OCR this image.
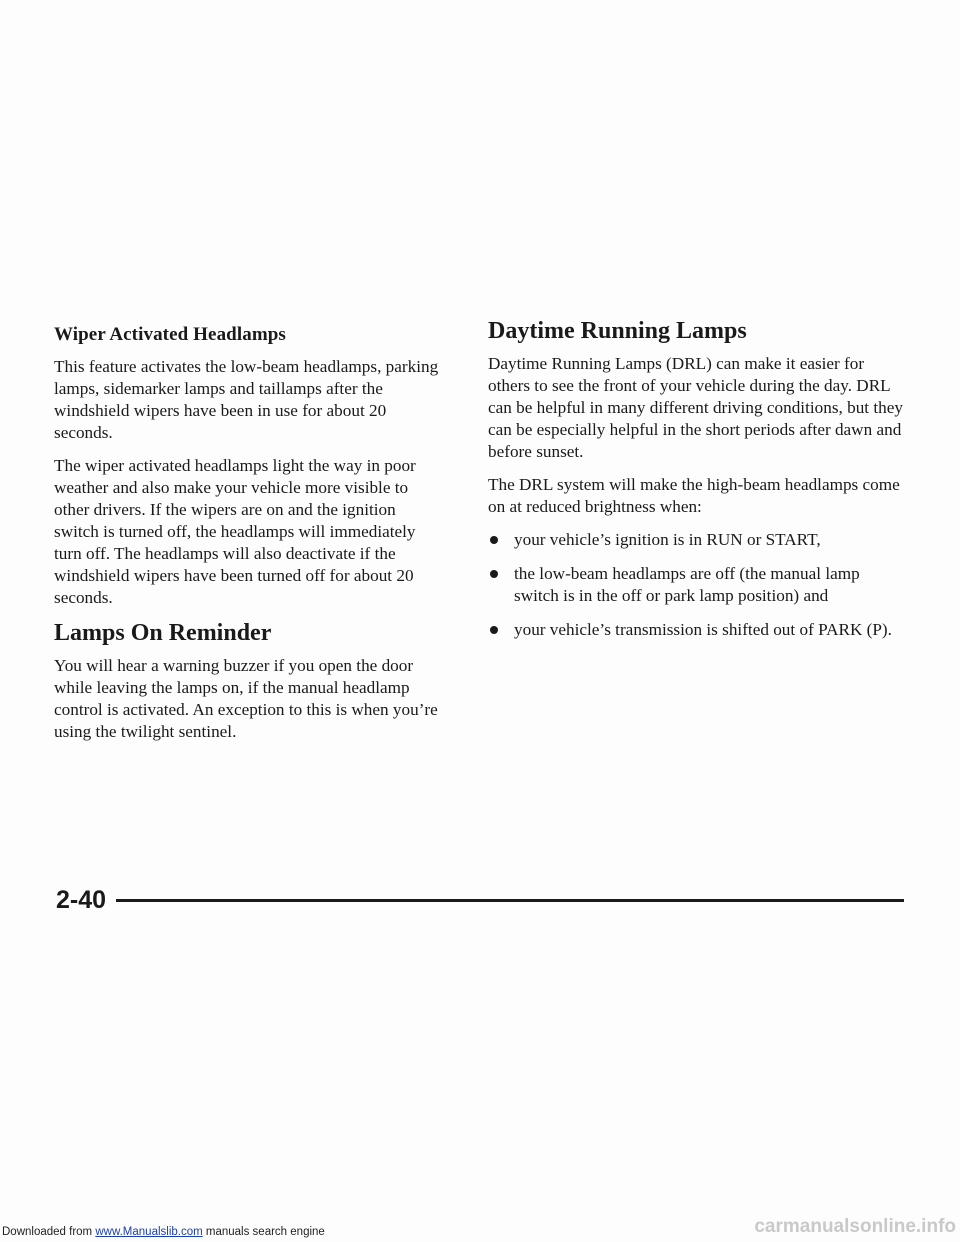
Wiper Activated Headlamps

This feature activates the low-beam headlamps, parking lamps, sidemarker lamps and taillamps after the windshield wipers have been in use for about 20 seconds.

The wiper activated headlamps light the way in poor weather and also make your vehicle more visible to other drivers. If the wipers are on and the ignition switch is turned off, the headlamps will immediately turn off. The headlamps will also deactivate if the windshield wipers have been turned off for about 20 seconds.

Lamps On Reminder

You will hear a warning buzzer if you open the door while leaving the lamps on, if the manual headlamp control is activated. An exception to this is when you’re using the twilight sentinel.

Daytime Running Lamps

Daytime Running Lamps (DRL) can make it easier for others to see the front of your vehicle during the day. DRL can be helpful in many different driving conditions, but they can be especially helpful in the short periods after dawn and before sunset.

The DRL system will make the high-beam headlamps come on at reduced brightness when:

your vehicle’s ignition is in RUN or START,
the low-beam headlamps are off (the manual lamp switch is in the off or park lamp position) and
your vehicle’s transmission is shifted out of PARK (P).
2-40
Downloaded from www.Manualslib.com manuals search engine	carmanualsonline.info
